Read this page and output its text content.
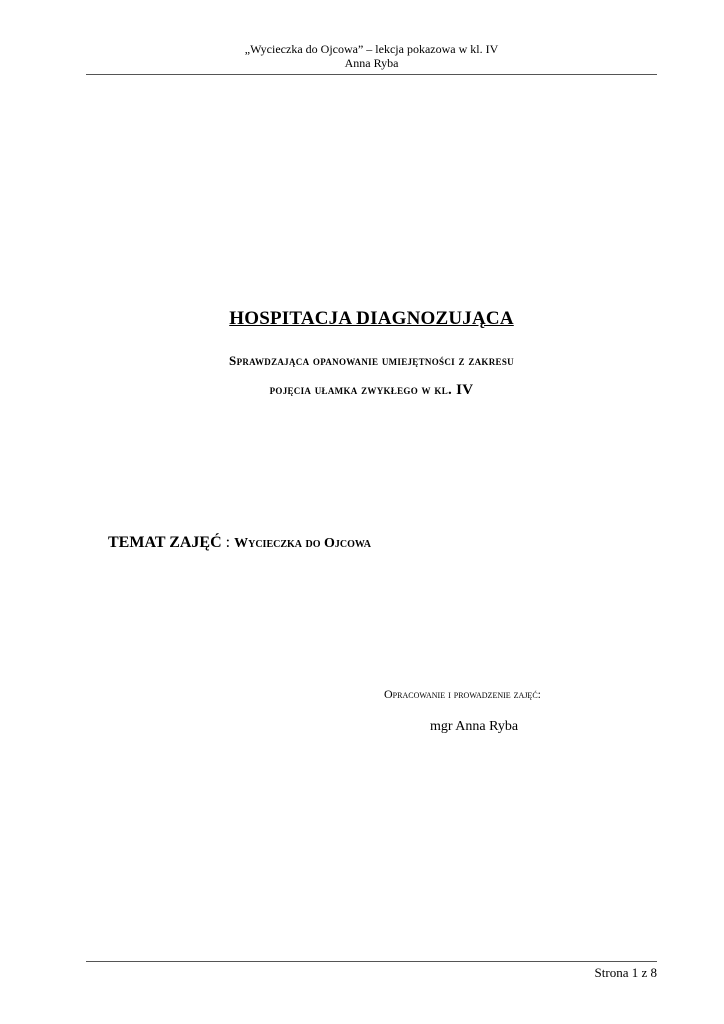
„Wycieczka do Ojcowa” – lekcja pokazowa w kl. IV
Anna Ryba
HOSPITACJA DIAGNOZUJĄCA
Sprawdzająca opanowanie umiejętności z zakresu
pojęcia ułamka zwykłego w kl. IV
TEMAT ZAJĘĆ : Wycieczka do Ojcowa
Opracowanie i prowadzenie zajęć:
mgr Anna Ryba
Strona 1 z 8
